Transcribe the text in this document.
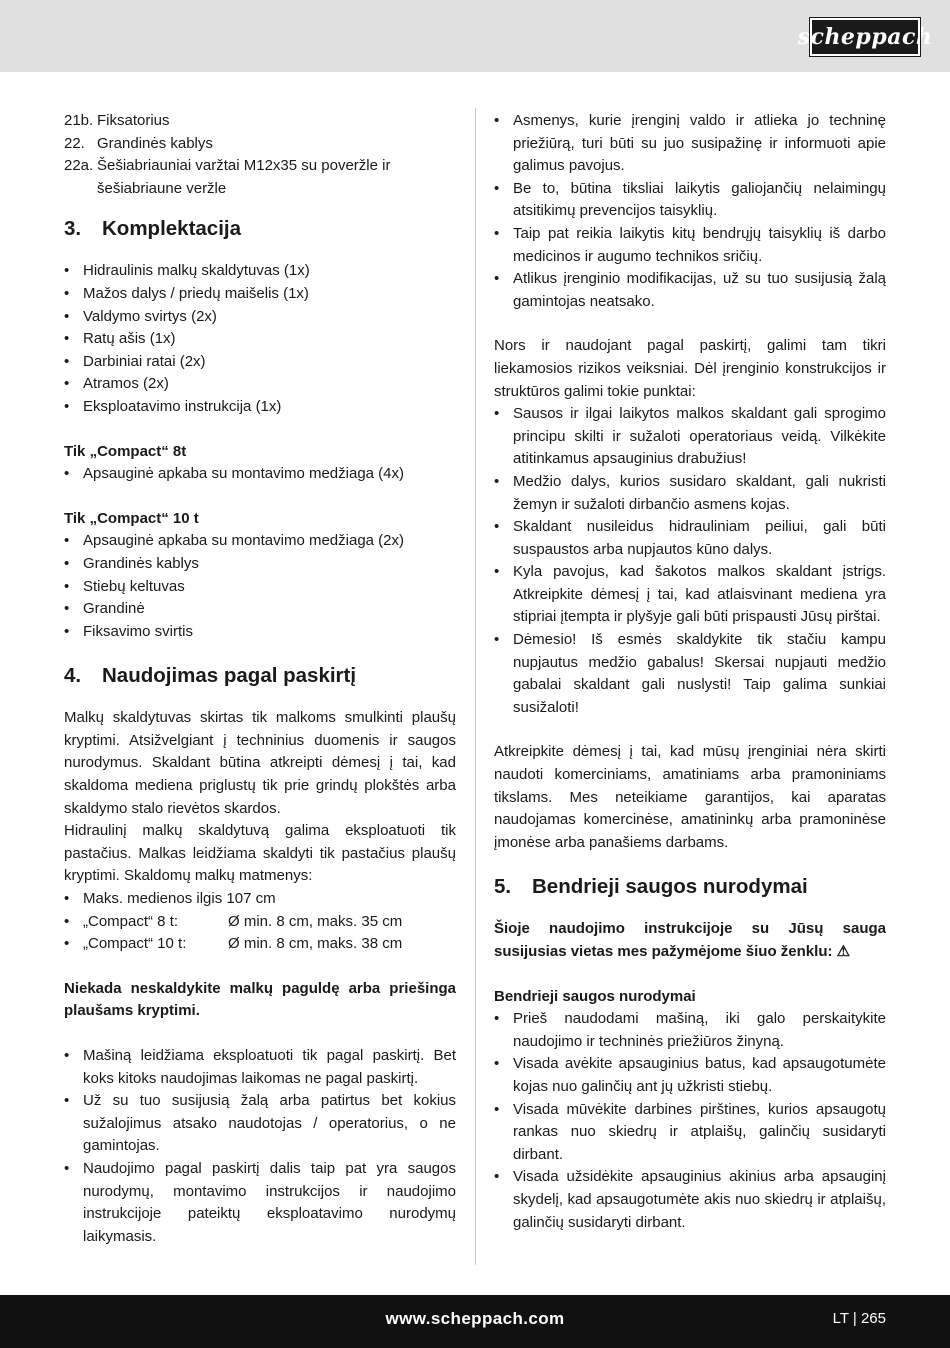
scheppach
21b. Fiksatorius
22. Grandinės kablys
22a. Šešiabriauniai varžtai M12x35 su poveržle ir šešiabriaune veržle
3.	Komplektacija
• Hidraulinis malkų skaldytuvas (1x)
• Mažos dalys / priedų maišelis (1x)
• Valdymo svirtys (2x)
• Ratų ašis (1x)
• Darbiniai ratai (2x)
• Atramos (2x)
• Eksploatavimo instrukcija (1x)
Tik „Compact“ 8t
• Apsauginė apkaba su montavimo medžiaga (4x)
Tik „Compact“ 10 t
• Apsauginė apkaba su montavimo medžiaga (2x)
• Grandinės kablys
• Stiebų keltuvas
• Grandinė
• Fiksavimo svirtis
4.	Naudojimas pagal paskirtį
Malkų skaldytuvas skirtas tik malkoms smulkinti plaušų kryptimi. Atsižvelgiant į techninius duomenis ir saugos nurodymus. Skaldant būtina atkreipti dėmesį į tai, kad skaldoma mediena priglustų tik prie grindų plokštės arba skaldymo stalo rievėtos skardos.
Hidraulinį malkų skaldytuvą galima eksploatuoti tik pastačius. Malkas leidžiama skaldyti tik pastačius plaušų kryptimi. Skaldomų malkų matmenys:
• Maks. medienos ilgis 107 cm
• „Compact“ 8 t:	Ø min. 8 cm, maks. 35 cm
• „Compact“ 10 t:	Ø min. 8 cm, maks. 38 cm
Niekada neskaldykite malkų paguldę arba priešinga plaušams kryptimi.
• Mašiną leidžiama eksploatuoti tik pagal paskirtį. Bet koks kitoks naudojimas laikomas ne pagal paskirtį.
• Už su tuo susijusią žalą arba patirtus bet kokius sužalojimus atsako naudotojas / operatorius, o ne gamintojas.
• Naudojimo pagal paskirtį dalis taip pat yra saugos nurodymų, montavimo instrukcijos ir naudojimo instrukcijoje pateiktų eksploatavimo nurodymų laikymasis.
• Asmenys, kurie įrenginį valdo ir atlieka jo techninę priežiūrą, turi būti su juo susipažinę ir informuoti apie galimus pavojus.
• Be to, būtina tiksliai laikytis galiojančių nelaimingų atsitikimų prevencijos taisyklių.
• Taip pat reikia laikytis kitų bendrųjų taisyklių iš darbo medicinos ir augumo technikos sričių.
• Atlikus įrenginio modifikacijas, už su tuo susijusią žalą gamintojas neatsako.
Nors ir naudojant pagal paskirtį, galimi tam tikri liekamosios rizikos veiksniai. Dėl įrenginio konstrukcijos ir struktūros galimi tokie punktai:
• Sausos ir ilgai laikytos malkos skaldant gali sprogimo principu skilti ir sužaloti operatoriaus veidą. Vilkėkite atitinkamus apsauginius drabužius!
• Medžio dalys, kurios susidaro skaldant, gali nukristi žemyn ir sužaloti dirbančio asmens kojas.
• Skaldant nusileidus hidrauliniam peiliui, gali būti suspaustos arba nupjautos kūno dalys.
• Kyla pavojus, kad šakotos malkos skaldant įstrigs. Atkreipkite dėmesį į tai, kad atlaisvinant mediena yra stipriai įtempta ir plyšyje gali būti prispausti Jūsų pirštai.
• Dėmesio! Iš esmės skaldykite tik stačiu kampu nupjautus medžio gabalus! Skersai nupjauti medžio gabalai skaldant gali nuslysti! Taip galima sunkiai susižaloti!
Atkreipkite dėmesį į tai, kad mūsų įrenginiai nėra skirti naudoti komerciniams, amatiniams arba pramoniniams tikslams. Mes neteikiame garantijos, kai aparatas naudojamas komercinėse, amatininkų arba pramoninėse įmonėse arba panašiems darbams.
5.	Bendrieji saugos nurodymai
Šioje naudojimo instrukcijoje su Jūsų sauga susijusias vietas mes pažymėjome šiuo ženklu: ⚠
Bendrieji saugos nurodymai
• Prieš naudodami mašiną, iki galo perskaitykite naudojimo ir techninės priežiūros žinyną.
• Visada avėkite apsauginius batus, kad apsaugotumėte kojas nuo galinčių ant jų užkristi stiebų.
• Visada mūvėkite darbines pirštines, kurios apsaugotų rankas nuo skiedrų ir atplaišų, galinčių susidaryti dirbant.
• Visada užsidėkite apsauginius akinius arba apsauginį skydelį, kad apsaugotumėte akis nuo skiedrų ir atplaišų, galinčių susidaryti dirbant.
www.scheppach.com	LT | 265
